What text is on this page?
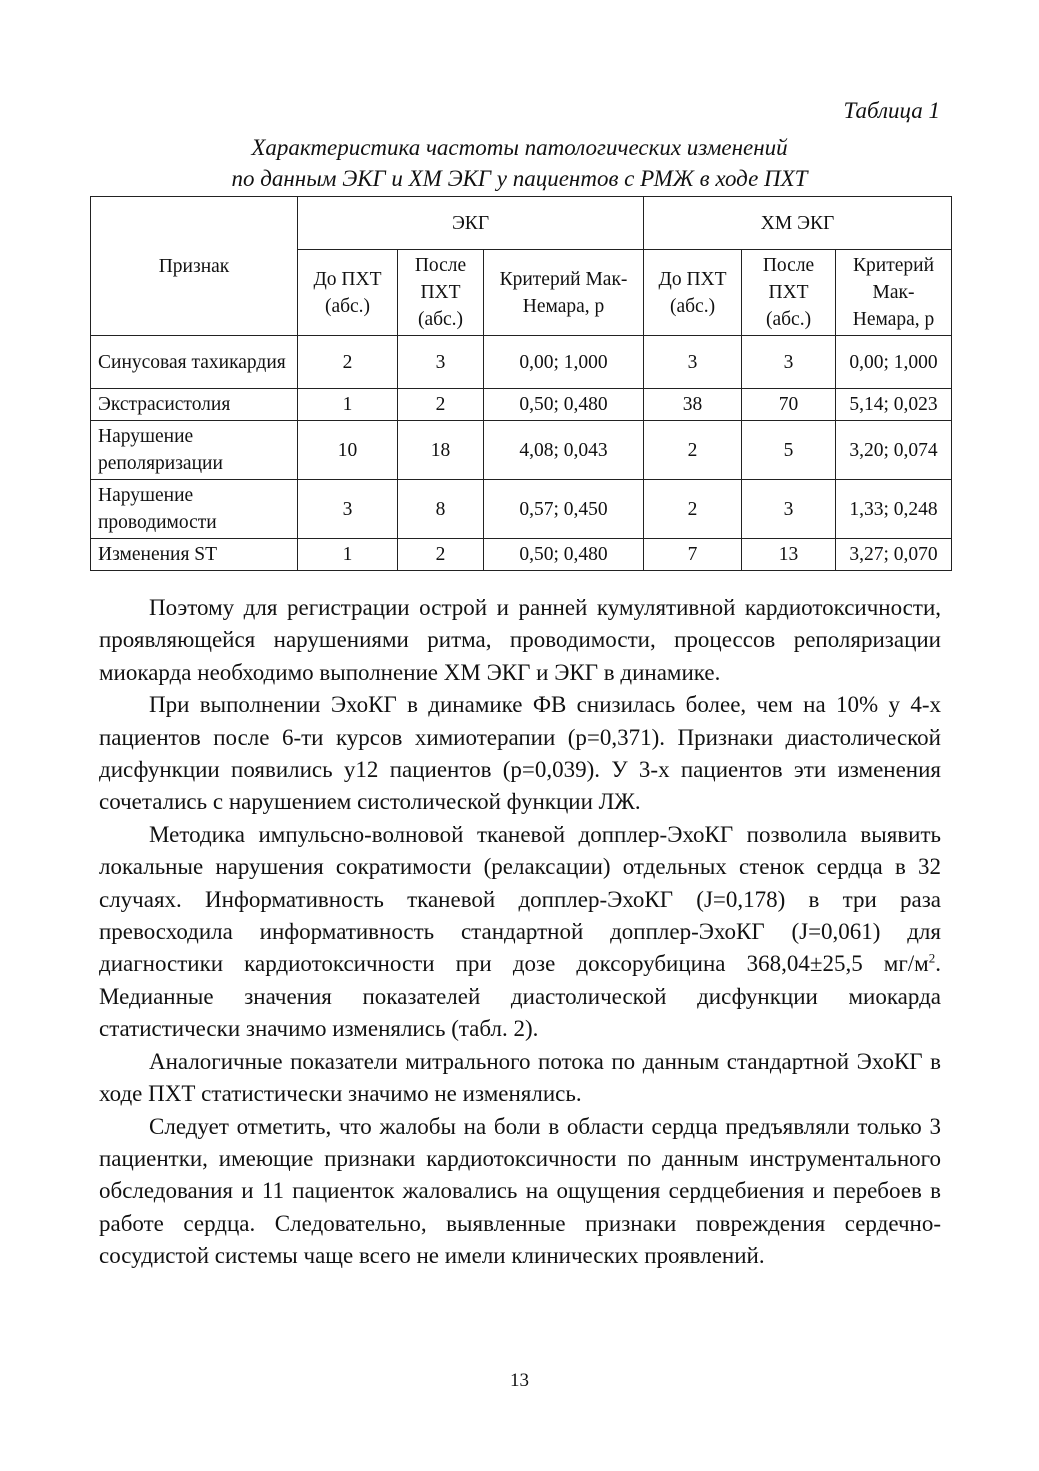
Таблица 1
Характеристика частоты патологических изменений
по данным ЭКГ и ХМ ЭКГ у пациентов с РМЖ в ходе ПХТ
Признак	ЭКГ			ХМ ЭКГ		
	До ПХТ (абс.)	После ПХТ (абс.)	Критерий Мак-Немара, p	До ПХТ (абс.)	После ПХТ (абс.)	Критерий Мак-Немара, p
Синусовая тахикардия	2	3	0,00; 1,000	3	3	0,00; 1,000
Экстрасистолия	1	2	0,50; 0,480	38	70	5,14; 0,023
Нарушение реполяризации	10	18	4,08; 0,043	2	5	3,20; 0,074
Нарушение проводимости	3	8	0,57; 0,450	2	3	1,33; 0,248
Изменения ST	1	2	0,50; 0,480	7	13	3,27; 0,070

Поэтому для регистрации острой и ранней кумулятивной кардиотоксичности, проявляющейся нарушениями ритма, проводимости, процессов реполяризации миокарда необходимо выполнение ХМ ЭКГ и ЭКГ в динамике.

При выполнении ЭхоКГ в динамике ФВ снизилась более, чем на 10% у 4-х пациентов после 6-ти курсов химиотерапии (р=0,371). Признаки диастолической дисфункции появились у12 пациентов (р=0,039). У 3-х пациентов эти изменения сочетались с нарушением систолической функции ЛЖ.

Методика импульсно-волновой тканевой допплер-ЭхоКГ позволила выявить локальные нарушения сократимости (релаксации) отдельных стенок сердца в 32 случаях. Информативность тканевой допплер-ЭхоКГ (J=0,178) в три раза превосходила информативность стандартной допплер-ЭхоКГ (J=0,061) для диагностики кардиотоксичности при дозе доксорубицина 368,04±25,5 $мг/м^2$. Медианные значения показателей диастолической дисфункции миокарда статистически значимо изменялись (табл. 2).

Аналогичные показатели митрального потока по данным стандартной ЭхоКГ в ходе ПХТ статистически значимо не изменялись.

Следует отметить, что жалобы на боли в области сердца предъявляли только 3 пациентки, имеющие признаки кардиотоксичности по данным инструментального обследования и 11 пациенток жаловались на ощущения сердцебиения и перебоев в работе сердца. Следовательно, выявленные признаки повреждения сердечно-сосудистой системы чаще всего не имели клинических проявлений.

13
